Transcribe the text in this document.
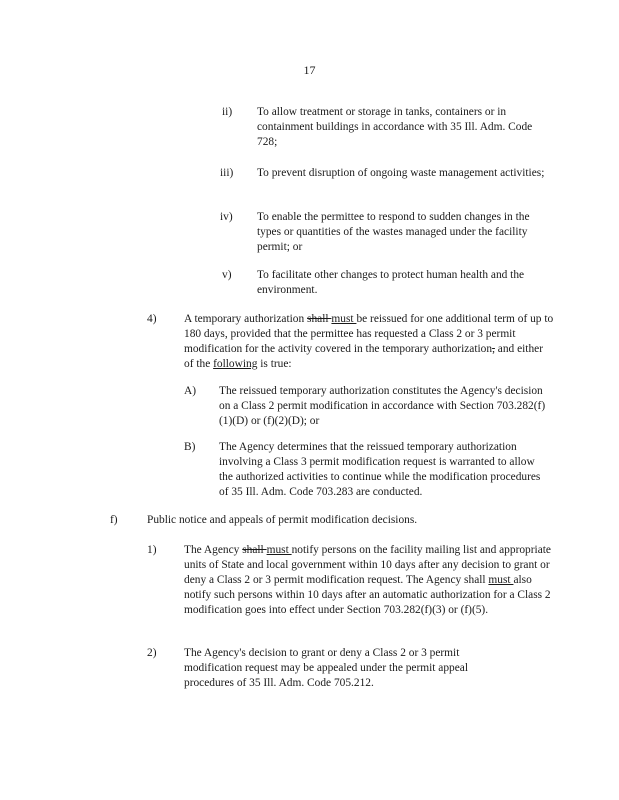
17
ii) To allow treatment or storage in tanks, containers or in containment buildings in accordance with 35 Ill. Adm. Code 728;
iii) To prevent disruption of ongoing waste management activities;
iv) To enable the permittee to respond to sudden changes in the types or quantities of the wastes managed under the facility permit; or
v) To facilitate other changes to protect human health and the environment.
4) A temporary authorization shall must be reissued for one additional term of up to 180 days, provided that the permittee has requested a Class 2 or 3 permit modification for the activity covered in the temporary authorization, and either of the following is true:
A) The reissued temporary authorization constitutes the Agency's decision on a Class 2 permit modification in accordance with Section 703.282(f)(1)(D) or (f)(2)(D); or
B) The Agency determines that the reissued temporary authorization involving a Class 3 permit modification request is warranted to allow the authorized activities to continue while the modification procedures of 35 Ill. Adm. Code 703.283 are conducted.
f)	Public notice and appeals of permit modification decisions.
1) The Agency shall must notify persons on the facility mailing list and appropriate units of State and local government within 10 days after any decision to grant or deny a Class 2 or 3 permit modification request. The Agency shall must also notify such persons within 10 days after an automatic authorization for a Class 2 modification goes into effect under Section 703.282(f)(3) or (f)(5).
2) The Agency's decision to grant or deny a Class 2 or 3 permit modification request may be appealed under the permit appeal procedures of 35 Ill. Adm. Code 705.212.
